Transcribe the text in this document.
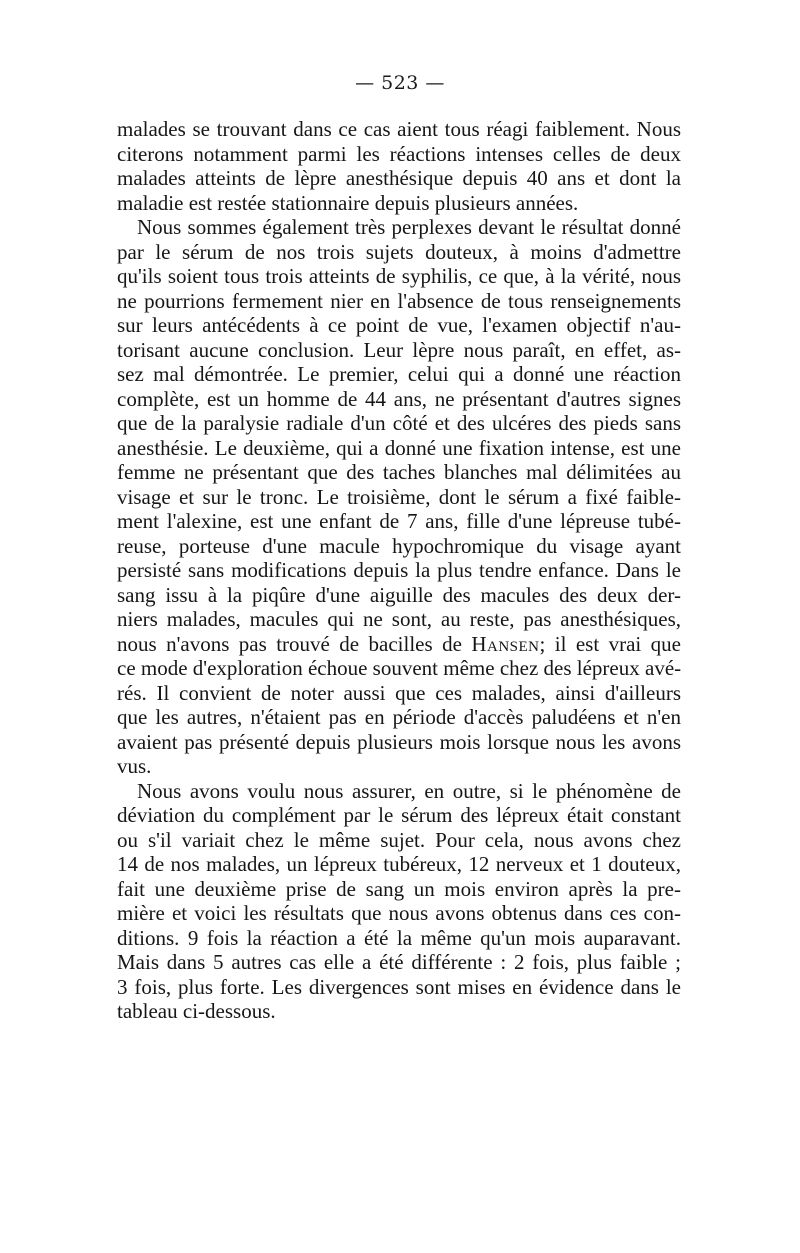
— 523 —

malades se trouvant dans ce cas aient tous réagi faiblement. Nous
citerons notamment parmi les réactions intenses celles de deux
malades atteints de lèpre anesthésique depuis 40 ans et dont la
maladie est restée stationnaire depuis plusieurs années.

Nous sommes également très perplexes devant le résultat donné
par le sérum de nos trois sujets douteux, à moins d'admettre
qu'ils soient tous trois atteints de syphilis, ce que, à la vérité, nous
ne pourrions fermement nier en l'absence de tous renseignements
sur leurs antécédents à ce point de vue, l'examen objectif n'au-
torisant aucune conclusion. Leur lèpre nous paraît, en effet, as-
sez mal démontrée. Le premier, celui qui a donné une réaction
complète, est un homme de 44 ans, ne présentant d'autres signes
que de la paralysie radiale d'un côté et des ulcéres des pieds sans
anesthésie. Le deuxième, qui a donné une fixation intense, est une
femme ne présentant que des taches blanches mal délimitées au
visage et sur le tronc. Le troisième, dont le sérum a fixé faible-
ment l'alexine, est une enfant de 7 ans, fille d'une lépreuse tubé-
reuse, porteuse d'une macule hypochromique du visage ayant
persisté sans modifications depuis la plus tendre enfance. Dans le
sang issu à la piqûre d'une aiguille des macules des deux der-
niers malades, macules qui ne sont, au reste, pas anesthésiques,
nous n'avons pas trouvé de bacilles de Hansen; il est vrai que
ce mode d'exploration échoue souvent même chez des lépreux avé-
rés. Il convient de noter aussi que ces malades, ainsi d'ailleurs
que les autres, n'étaient pas en période d'accès paludéens et n'en
avaient pas présenté depuis plusieurs mois lorsque nous les avons
vus.

Nous avons voulu nous assurer, en outre, si le phénomène de
déviation du complément par le sérum des lépreux était constant
ou s'il variait chez le même sujet. Pour cela, nous avons chez
14 de nos malades, un lépreux tubéreux, 12 nerveux et 1 douteux,
fait une deuxième prise de sang un mois environ après la pre-
mière et voici les résultats que nous avons obtenus dans ces con-
ditions. 9 fois la réaction a été la même qu'un mois auparavant.
Mais dans 5 autres cas elle a été différente : 2 fois, plus faible ;
3 fois, plus forte. Les divergences sont mises en évidence dans le
tableau ci-dessous.
